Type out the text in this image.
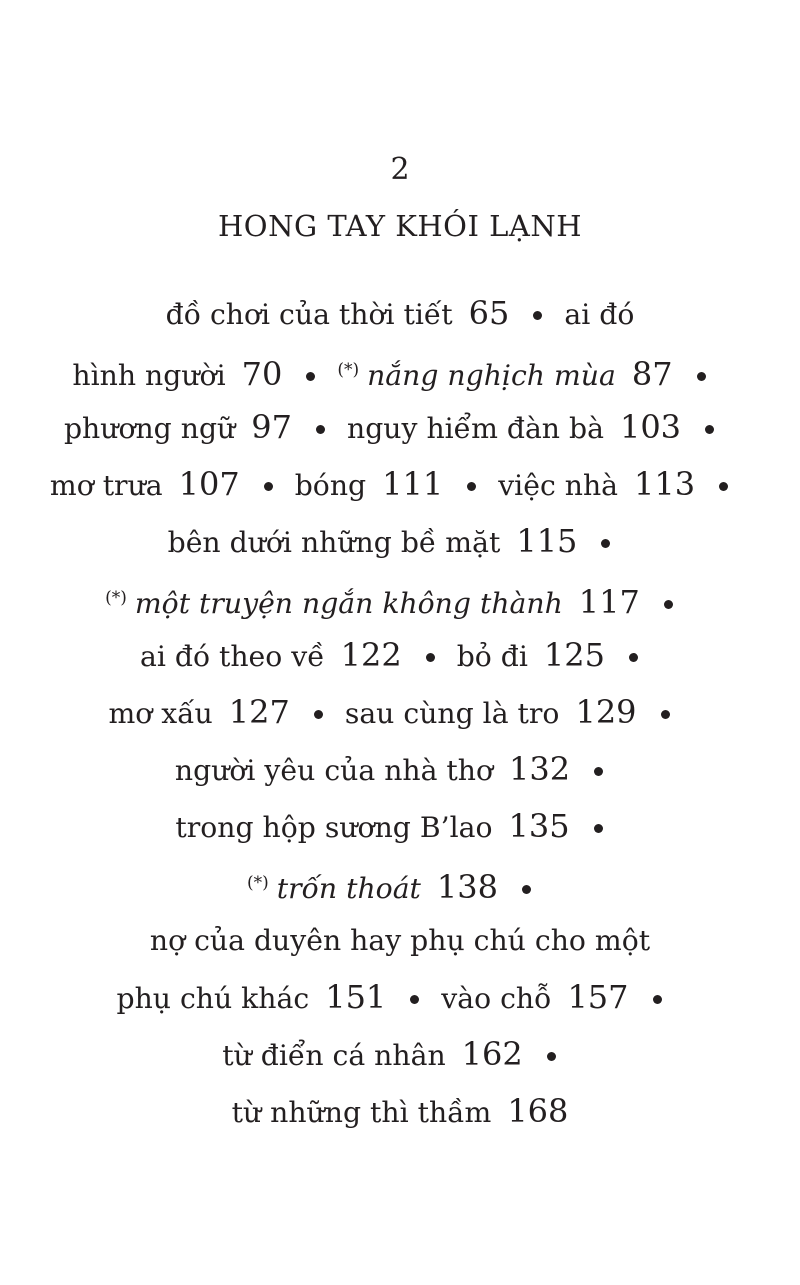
2
HONG TAY KHÓI LẠNH
đồ chơi của thời tiết 65 ai đó
hình người 70	(*) nắng nghịch mùa 87
phương ngữ 97 nguy hiểm đàn bà 103
mơ trưa 107 bóng 111 việc nhà 113
bên dưới những bề mặt 115
(*) một truyện ngắn không thành 117
ai đó theo về 122 bỏ đi 125
mơ xấu 127 sau cùng là tro 129
người yêu của nhà thơ 132
trong hộp sương B’lao 135
(*) trốn thoát 138
nợ của duyên hay phụ chú cho một
phụ chú khác 151 vào chỗ 157
từ điển cá nhân 162
từ những thì thầm 168
